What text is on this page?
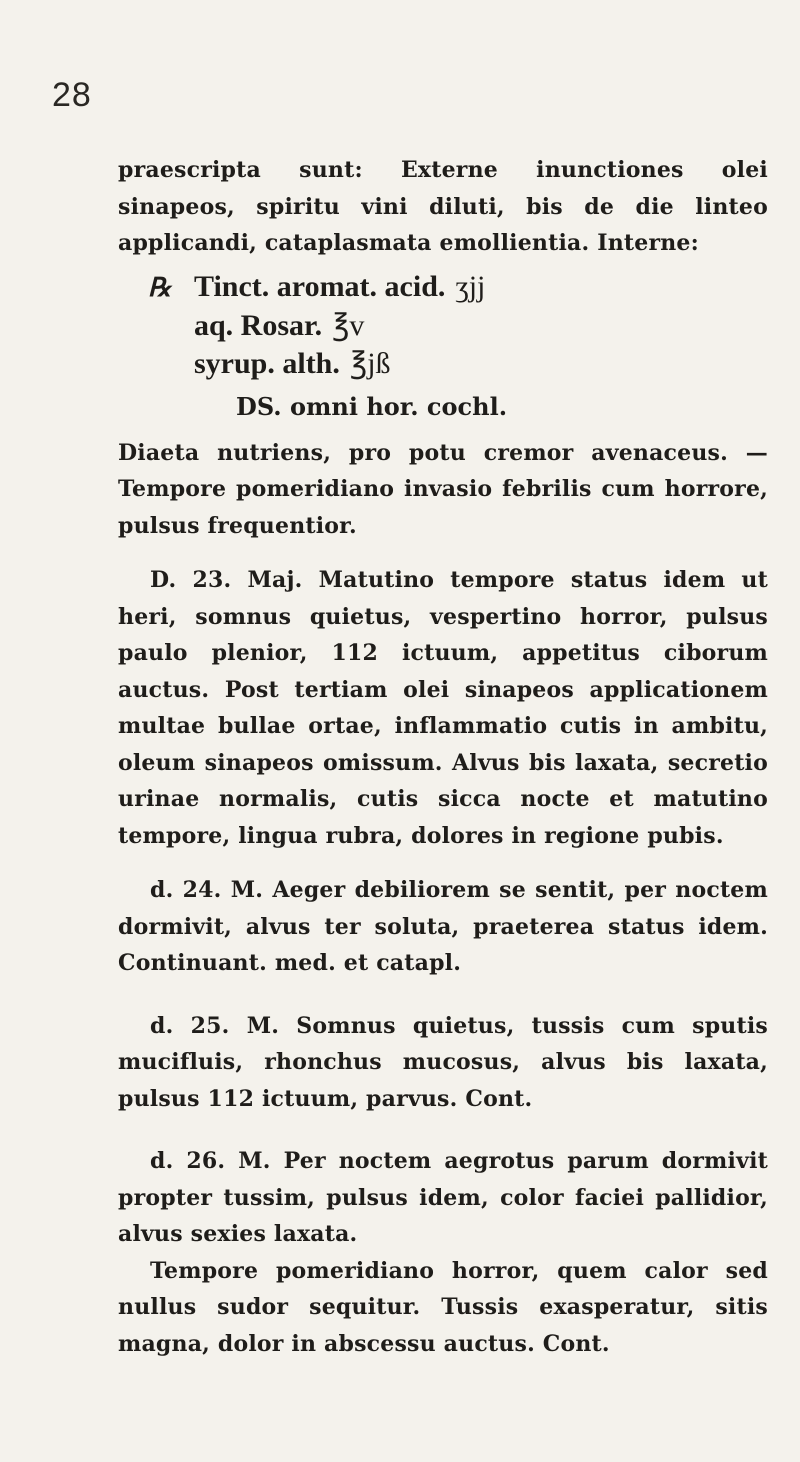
28

praescripta sunt: Externe inunctiones olei sinapeos, spiritu vini diluti, bis de die linteo applicandi, cataplasmata emollientia. Interne:

℞ Tinct. aromat. acid. ʒjj
aq. Rosar. ℥v
syrup. alth. ℥jß
DS. omni hor. cochl.

Diaeta nutriens, pro potu cremor avenaceus. — Tempore pomeridiano invasio febrilis cum horrore, pulsus frequentior.

D. 23. Maj. Matutino tempore status idem ut heri, somnus quietus, vespertino horror, pulsus paulo plenior, 112 ictuum, appetitus ciborum auctus. Post tertiam olei sinapeos applicationem multae bullae ortae, inflammatio cutis in ambitu, oleum sinapeos omissum. Alvus bis laxata, secretio urinae normalis, cutis sicca nocte et matutino tempore, lingua rubra, dolores in regione pubis.

d. 24. M. Aeger debiliorem se sentit, per noctem dormivit, alvus ter soluta, praeterea status idem. Continuant. med. et catapl.

d. 25. M. Somnus quietus, tussis cum sputis mucifluis, rhonchus mucosus, alvus bis laxata, pulsus 112 ictuum, parvus. Cont.

d. 26. M. Per noctem aegrotus parum dormivit propter tussim, pulsus idem, color faciei pallidior, alvus sexies laxata.

Tempore pomeridiano horror, quem calor sed nullus sudor sequitur. Tussis exasperatur, sitis magna, dolor in abscessu auctus. Cont.
